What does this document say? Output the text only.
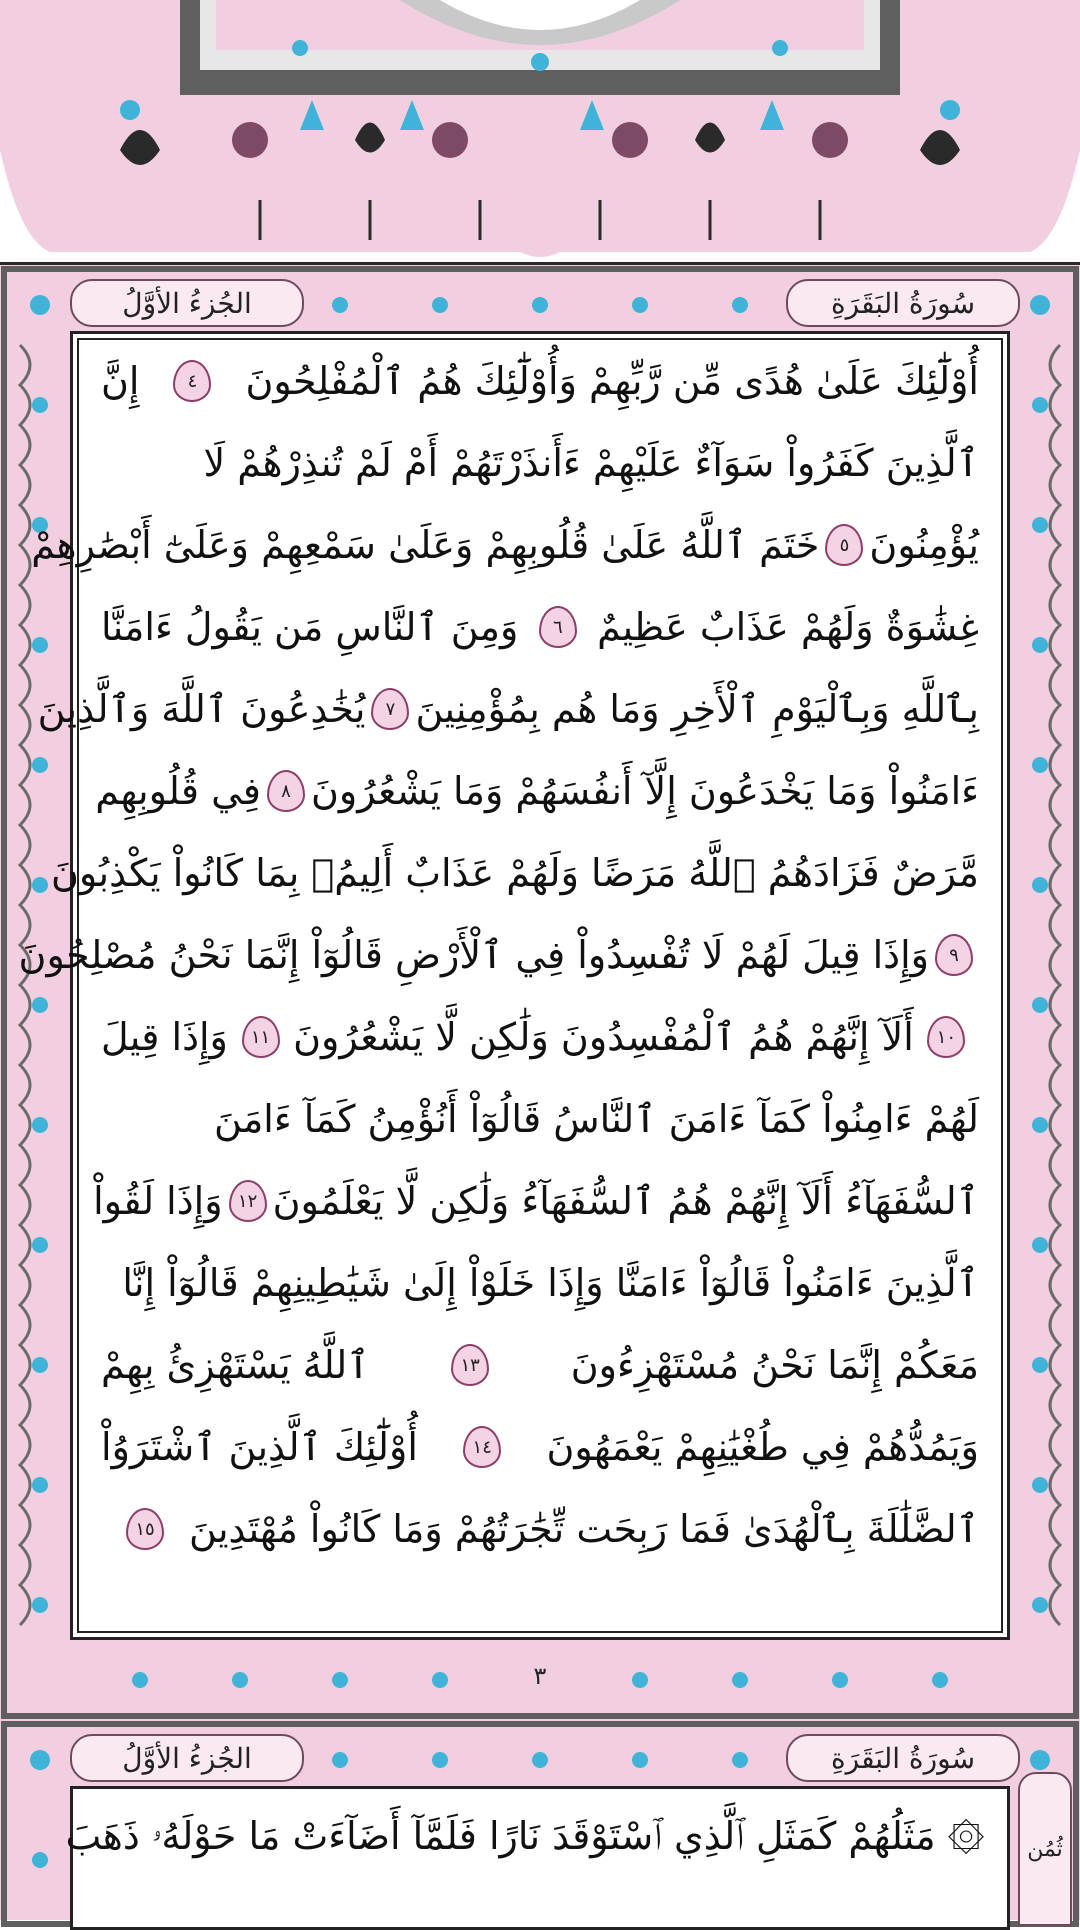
سُورَةُ البَقَرَةِ
الجُزءُ الأوَّلُ
أُوْلَٰٓئِكَ عَلَىٰ هُدًى مِّن رَّبِّهِمْ وَأُوْلَٰٓئِكَ هُمُ ٱلْمُفْلِحُونَ
٤
إِنَّ
ٱلَّذِينَ كَفَرُواْ سَوَآءٌ عَلَيْهِمْ ءَأَنذَرْتَهُمْ أَمْ لَمْ تُنذِرْهُمْ لَا
يُؤْمِنُونَ
٥
خَتَمَ ٱللَّهُ عَلَىٰ قُلُوبِهِمْ وَعَلَىٰ سَمْعِهِمْ وَعَلَىٰٓ أَبْصَٰرِهِمْ
غِشَٰوَةٌ وَلَهُمْ عَذَابٌ عَظِيمٌ
٦
وَمِنَ ٱلنَّاسِ مَن يَقُولُ ءَامَنَّا
بِٱللَّهِ وَبِٱلْيَوْمِ ٱلْأَخِرِ وَمَا هُم بِمُؤْمِنِينَ
٧
يُخَٰدِعُونَ ٱللَّهَ وَٱلَّذِينَ
ءَامَنُواْ وَمَا يَخْدَعُونَ إِلَّآ أَنفُسَهُمْ وَمَا يَشْعُرُونَ
٨
فِي قُلُوبِهِم
مَّرَضٌ فَزَادَهُمُ ٱللَّهُ مَرَضًا وَلَهُمْ عَذَابٌ أَلِيمُۢ بِمَا كَانُواْ يَكْذِبُونَ
٩
وَإِذَا قِيلَ لَهُمْ لَا تُفْسِدُواْ فِي ٱلْأَرْضِ قَالُوٓاْ إِنَّمَا نَحْنُ مُصْلِحُونَ
١٠
أَلَآ إِنَّهُمْ هُمُ ٱلْمُفْسِدُونَ وَلَٰكِن لَّا يَشْعُرُونَ
١١
وَإِذَا قِيلَ
لَهُمْ ءَامِنُواْ كَمَآ ءَامَنَ ٱلنَّاسُ قَالُوٓاْ أَنُؤْمِنُ كَمَآ ءَامَنَ
ٱلسُّفَهَآءُ أَلَآ إِنَّهُمْ هُمُ ٱلسُّفَهَآءُ وَلَٰكِن لَّا يَعْلَمُونَ
١٢
وَإِذَا لَقُواْ
ٱلَّذِينَ ءَامَنُواْ قَالُوٓاْ ءَامَنَّا وَإِذَا خَلَوْاْ إِلَىٰ شَيَٰطِينِهِمْ قَالُوٓاْ إِنَّا
مَعَكُمْ إِنَّمَا نَحْنُ مُسْتَهْزِءُونَ
١٣
ٱللَّهُ يَسْتَهْزِئُ بِهِمْ
وَيَمُدُّهُمْ فِي طُغْيَٰنِهِمْ يَعْمَهُونَ
١٤
أُوْلَٰٓئِكَ ٱلَّذِينَ ٱشْتَرَوُاْ
ٱلضَّلَٰلَةَ بِٱلْهُدَىٰ فَمَا رَبِحَت تِّجَٰرَتُهُمْ وَمَا كَانُواْ مُهْتَدِينَ
١٥
٣
سُورَةُ البَقَرَةِ
الجُزءُ الأوَّلُ
۞ مَثَلُهُمْ كَمَثَلِ ٱلَّذِي ٱسْتَوْقَدَ نَارًا فَلَمَّآ أَضَآءَتْ مَا حَوْلَهُۥ ذَهَبَ	ثُمُن
